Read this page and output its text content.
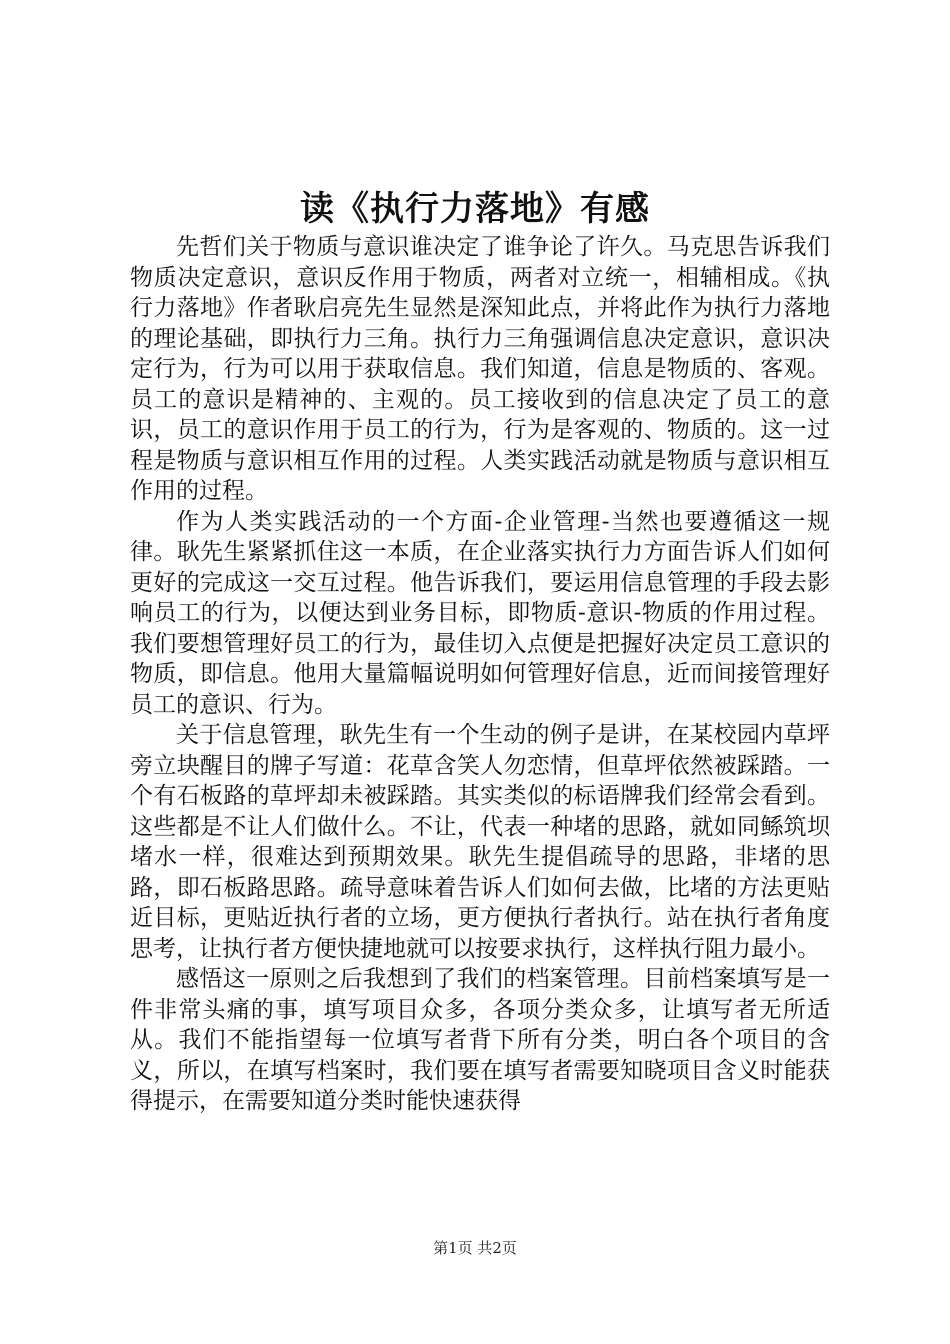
读《执行力落地》有感

先哲们关于物质与意识谁决定了谁争论了许久。马克思告诉我们物质决定意识，意识反作用于物质，两者对立统一，相辅相成。《执行力落地》作者耿启亮先生显然是深知此点，并将此作为执行力落地的理论基础，即执行力三角。执行力三角强调信息决定意识，意识决定行为，行为可以用于获取信息。我们知道，信息是物质的、客观。员工的意识是精神的、主观的。员工接收到的信息决定了员工的意识，员工的意识作用于员工的行为，行为是客观的、物质的。这一过程是物质与意识相互作用的过程。人类实践活动就是物质与意识相互作用的过程。

作为人类实践活动的一个方面-企业管理-当然也要遵循这一规律。耿先生紧紧抓住这一本质，在企业落实执行力方面告诉人们如何更好的完成这一交互过程。他告诉我们，要运用信息管理的手段去影响员工的行为，以便达到业务目标，即物质-意识-物质的作用过程。我们要想管理好员工的行为，最佳切入点便是把握好决定员工意识的物质，即信息。他用大量篇幅说明如何管理好信息，近而间接管理好员工的意识、行为。

关于信息管理，耿先生有一个生动的例子是讲，在某校园内草坪旁立块醒目的牌子写道：花草含笑人勿恋情，但草坪依然被踩踏。一个有石板路的草坪却未被踩踏。其实类似的标语牌我们经常会看到。这些都是不让人们做什么。不让，代表一种堵的思路，就如同鲧筑坝堵水一样，很难达到预期效果。耿先生提倡疏导的思路，非堵的思路，即石板路思路。疏导意味着告诉人们如何去做，比堵的方法更贴近目标，更贴近执行者的立场，更方便执行者执行。站在执行者角度思考，让执行者方便快捷地就可以按要求执行，这样执行阻力最小。

感悟这一原则之后我想到了我们的档案管理。目前档案填写是一件非常头痛的事，填写项目众多，各项分类众多，让填写者无所适从。我们不能指望每一位填写者背下所有分类，明白各个项目的含义，所以，在填写档案时，我们要在填写者需要知晓项目含义时能获得提示，在需要知道分类时能快速获得

第1页 共2页
